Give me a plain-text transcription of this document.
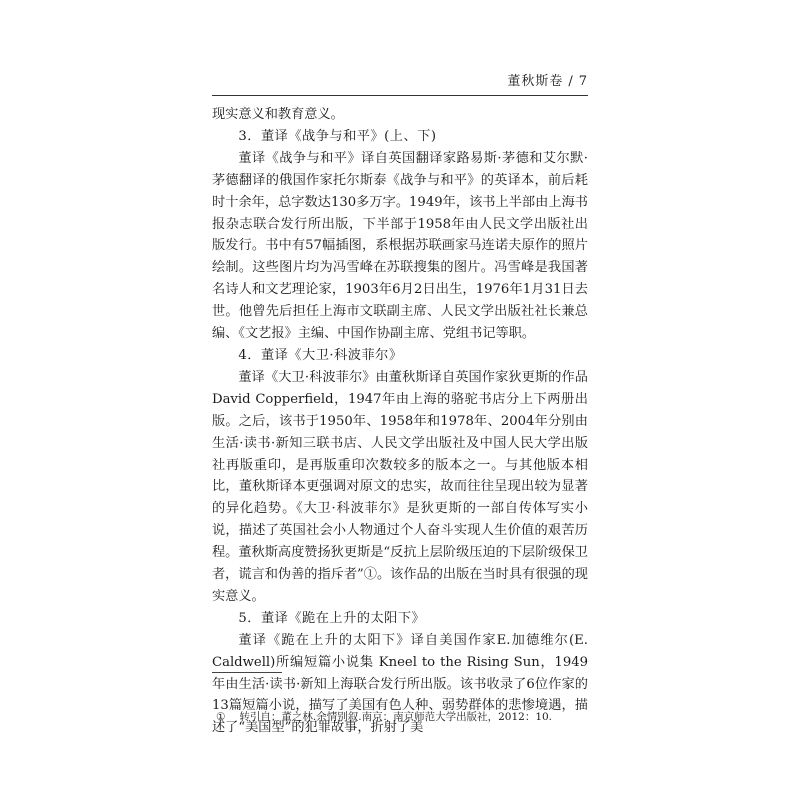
董秋斯卷 / 7

现实意义和教育意义。

3．董译《战争与和平》(上、下)

董译《战争与和平》译自英国翻译家路易斯·茅德和艾尔默·茅德翻译的俄国作家托尔斯泰《战争与和平》的英译本，前后耗时十余年，总字数达130多万字。1949年，该书上半部由上海书报杂志联合发行所出版，下半部于1958年由人民文学出版社出版发行。书中有57幅插图，系根据苏联画家马连诺夫原作的照片绘制。这些图片均为冯雪峰在苏联搜集的图片。冯雪峰是我国著名诗人和文艺理论家，1903年6月2日出生，1976年1月31日去世。他曾先后担任上海市文联副主席、人民文学出版社社长兼总编、《文艺报》主编、中国作协副主席、党组书记等职。

4．董译《大卫·科波菲尔》

董译《大卫·科波菲尔》由董秋斯译自英国作家狄更斯的作品 David Copperfield，1947年由上海的骆驼书店分上下两册出版。之后，该书于1950年、1958年和1978年、2004年分别由生活·读书·新知三联书店、人民文学出版社及中国人民大学出版社再版重印，是再版重印次数较多的版本之一。与其他版本相比，董秋斯译本更强调对原文的忠实，故而往往呈现出较为显著的异化趋势。《大卫·科波菲尔》是狄更斯的一部自传体写实小说，描述了英国社会小人物通过个人奋斗实现人生价值的艰苦历程。董秋斯高度赞扬狄更斯是“反抗上层阶级压迫的下层阶级保卫者，谎言和伪善的指斥者”①。该作品的出版在当时具有很强的现实意义。

5．董译《跪在上升的太阳下》

董译《跪在上升的太阳下》译自美国作家E.加德维尔(E. Caldwell)所编短篇小说集 Kneel to the Rising Sun，1949年由生活·读书·新知上海联合发行所出版。该书收录了6位作家的13篇短篇小说，描写了美国有色人种、弱势群体的悲惨境遇，描述了“美国型”的犯罪故事，折射了美

① 转引自：董之林.余情别叙.南京：南京师范大学出版社，2012：10.
